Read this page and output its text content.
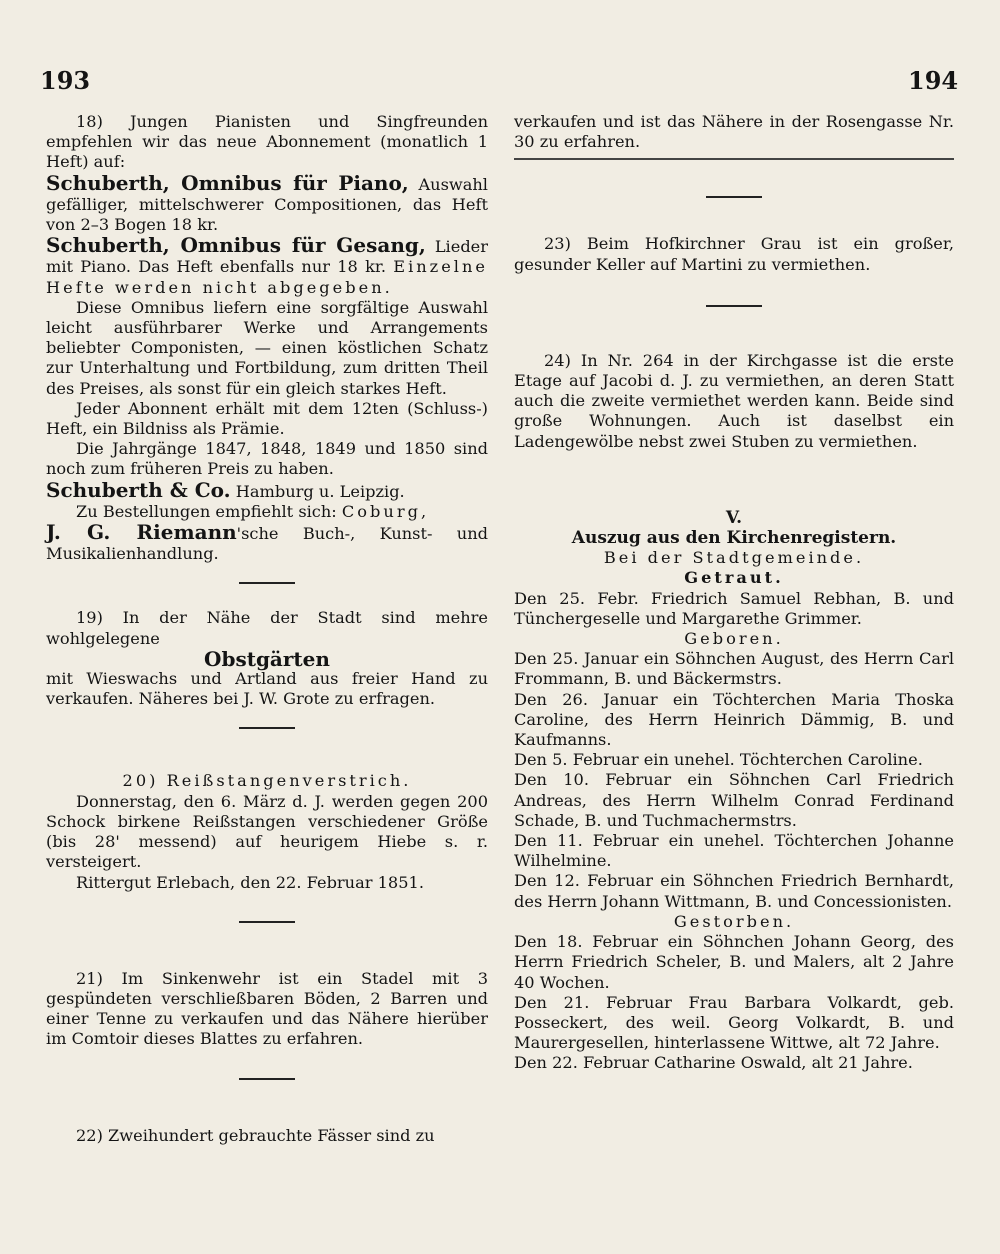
193	194

18) Jungen Pianisten und Singfreunden empfehlen wir das neue Abonnement (monatlich 1 Heft) auf:

Schuberth, Omnibus für Piano, Auswahl gefälliger, mittelschwerer Compositionen, das Heft von 2–3 Bogen 18 kr.

Schuberth, Omnibus für Gesang, Lieder mit Piano. Das Heft ebenfalls nur 18 kr. Einzelne Hefte werden nicht abgegeben.

Diese Omnibus liefern eine sorgfältige Auswahl leicht ausführbarer Werke und Arrangements beliebter Componisten, — einen köstlichen Schatz zur Unterhaltung und Fortbildung, zum dritten Theil des Preises, als sonst für ein gleich starkes Heft.

Jeder Abonnent erhält mit dem 12ten (Schluss-) Heft, ein Bildniss als Prämie.

Die Jahrgänge 1847, 1848, 1849 und 1850 sind noch zum früheren Preis zu haben.

Schuberth & Co. Hamburg u. Leipzig.

Zu Bestellungen empfiehlt sich: Coburg,

J. G. Riemann'sche Buch-, Kunst- und Musikalienhandlung.

19) In der Nähe der Stadt sind mehre wohlgelegene

Obstgärten

mit Wieswachs und Artland aus freier Hand zu verkaufen. Näheres bei J. W. Grote zu erfragen.

20) Reißstangenverstrich.

Donnerstag, den 6. März d. J. werden gegen 200 Schock birkene Reißstangen verschiedener Größe (bis 28' messend) auf heurigem Hiebe s. r. versteigert.

Rittergut Erlebach, den 22. Februar 1851.

21) Im Sinkenwehr ist ein Stadel mit 3 gespündeten verschließbaren Böden, 2 Barren und einer Tenne zu verkaufen und das Nähere hierüber im Comtoir dieses Blattes zu erfahren.

22) Zweihundert gebrauchte Fässer sind zu

verkaufen und ist das Nähere in der Rosengasse Nr. 30 zu erfahren.

23) Beim Hofkirchner Grau ist ein großer, gesunder Keller auf Martini zu vermiethen.

24) In Nr. 264 in der Kirchgasse ist die erste Etage auf Jacobi d. J. zu vermiethen, an deren Statt auch die zweite vermiethet werden kann. Beide sind große Wohnungen. Auch ist daselbst ein Ladengewölbe nebst zwei Stuben zu vermiethen.

V.

Auszug aus den Kirchenregistern.

Bei der Stadtgemeinde.

Getraut.

Den 25. Febr. Friedrich Samuel Rebhan, B. und Tünchergeselle und Margarethe Grimmer.

Geboren.

Den 25. Januar ein Söhnchen August, des Herrn Carl Frommann, B. und Bäckermstrs.

Den 26. Januar ein Töchterchen Maria Thoska Caroline, des Herrn Heinrich Dämmig, B. und Kaufmanns.

Den 5. Februar ein unehel. Töchterchen Caroline.

Den 10. Februar ein Söhnchen Carl Friedrich Andreas, des Herrn Wilhelm Conrad Ferdinand Schade, B. und Tuchmachermstrs.

Den 11. Februar ein unehel. Töchterchen Johanne Wilhelmine.

Den 12. Februar ein Söhnchen Friedrich Bernhardt, des Herrn Johann Wittmann, B. und Concessionisten.

Gestorben.

Den 18. Februar ein Söhnchen Johann Georg, des Herrn Friedrich Scheler, B. und Malers, alt 2 Jahre 40 Wochen.

Den 21. Februar Frau Barbara Volkardt, geb. Posseckert, des weil. Georg Volkardt, B. und Maurergesellen, hinterlassene Wittwe, alt 72 Jahre.

Den 22. Februar Catharine Oswald, alt 21 Jahre.
